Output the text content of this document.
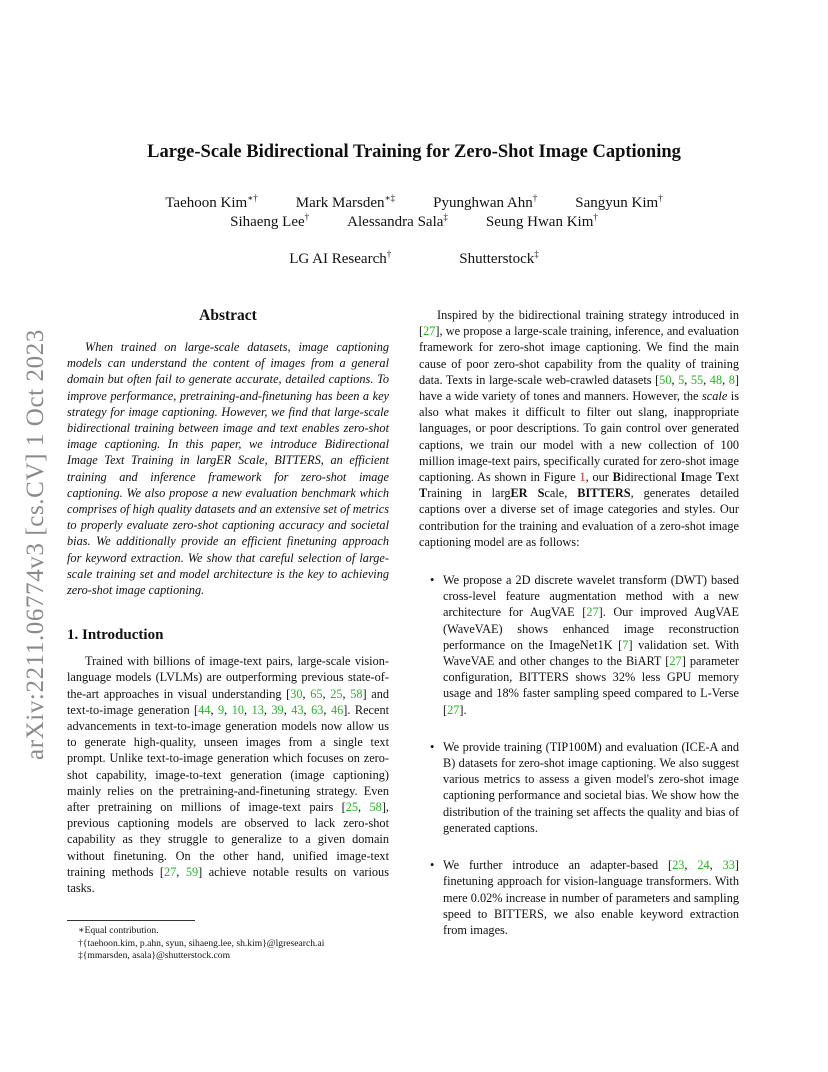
arXiv:2211.06774v3 [cs.CV] 1 Oct 2023
Large-Scale Bidirectional Training for Zero-Shot Image Captioning
Taehoon Kim∗†	Mark Marsden∗‡	Pyunghwan Ahn†	Sangyun Kim†
Sihaeng Lee†	Alessandra Sala‡	Seung Hwan Kim†
LG AI Research†	Shutterstock‡
Abstract

When trained on large-scale datasets, image captioning models can understand the content of images from a general domain but often fail to generate accurate, detailed captions. To improve performance, pretraining-and-finetuning has been a key strategy for image captioning. However, we find that large-scale bidirectional training between image and text enables zero-shot image captioning. In this paper, we introduce Bidirectional Image Text Training in largER Scale, BITTERS, an efficient training and inference framework for zero-shot image captioning. We also propose a new evaluation benchmark which comprises of high quality datasets and an extensive set of metrics to properly evaluate zero-shot captioning accuracy and societal bias. We additionally provide an efficient finetuning approach for keyword extraction. We show that careful selection of large-scale training set and model architecture is the key to achieving zero-shot image captioning.

1. Introduction

Trained with billions of image-text pairs, large-scale vision-language models (LVLMs) are outperforming previous state-of-the-art approaches in visual understanding [30, 65, 25, 58] and text-to-image generation [44, 9, 10, 13, 39, 43, 63, 46]. Recent advancements in text-to-image generation models now allow us to generate high-quality, unseen images from a single text prompt. Unlike text-to-image generation which focuses on zero-shot capability, image-to-text generation (image captioning) mainly relies on the pretraining-and-finetuning strategy. Even after pretraining on millions of image-text pairs [25, 58], previous captioning models are observed to lack zero-shot capability as they struggle to generalize to a given domain without finetuning. On the other hand, unified image-text training methods [27, 59] achieve notable results on various tasks.

Inspired by the bidirectional training strategy introduced in [27], we propose a large-scale training, inference, and evaluation framework for zero-shot image captioning. We find the main cause of poor zero-shot capability from the quality of training data. Texts in large-scale web-crawled datasets [50, 5, 55, 48, 8] have a wide variety of tones and manners. However, the scale is also what makes it difficult to filter out slang, inappropriate languages, or poor descriptions. To gain control over generated captions, we train our model with a new collection of 100 million image-text pairs, specifically curated for zero-shot image captioning. As shown in Figure 1, our Bidirectional Image Text Training in largER Scale, BITTERS, generates detailed captions over a diverse set of image categories and styles. Our contribution for the training and evaluation of a zero-shot image captioning model are as follows:

• We propose a 2D discrete wavelet transform (DWT) based cross-level feature augmentation method with a new architecture for AugVAE [27]. Our improved AugVAE (WaveVAE) shows enhanced image reconstruction performance on the ImageNet1K [7] validation set. With WaveVAE and other changes to the BiART [27] parameter configuration, BITTERS shows 32% less GPU memory usage and 18% faster sampling speed compared to L-Verse [27].
• We provide training (TIP100M) and evaluation (ICE-A and B) datasets for zero-shot image captioning. We also suggest various metrics to assess a given model's zero-shot image captioning performance and societal bias. We show how the distribution of the training set affects the quality and bias of generated captions.
• We further introduce an adapter-based [23, 24, 33] finetuning approach for vision-language transformers. With mere 0.02% increase in number of parameters and sampling speed to BITTERS, we also enable keyword extraction from images.

∗Equal contribution.

†{taehoon.kim, p.ahn, syun, sihaeng.lee, sh.kim}@lgresearch.ai

‡{mmarsden, asala}@shutterstock.com
